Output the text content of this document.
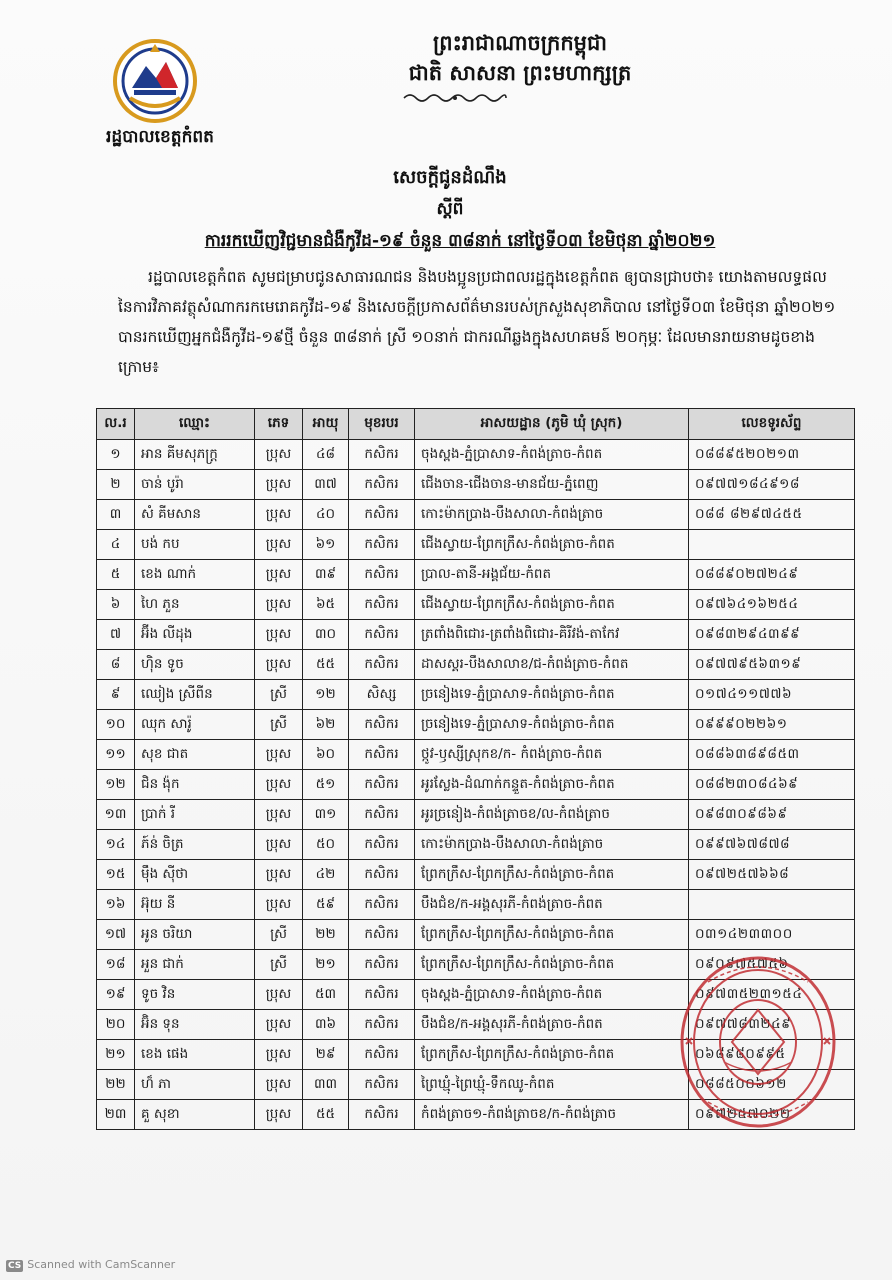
រដ្ឋបាលខេត្តកំពត
ព្រះរាជាណាចក្រកម្ពុជា
ជាតិ សាសនា ព្រះមហាក្សត្រ
សេចក្តីជូនដំណឹង
ស្តីពី
ការរកឃើញវិជ្ជមានជំងឺកូវីដ-១៩ ចំនួន ៣៨នាក់ នៅថ្ងៃទី០៣ ខែមិថុនា ឆ្នាំ២០២១
រដ្ឋបាលខេត្តកំពត សូមជម្រាបជូនសាធារណជន និងបងប្អូនប្រជាពលរដ្ឋក្នុងខេត្តកំពត ឲ្យបានជ្រាបថា៖ យោងតាមលទ្ធផល នៃការវិភាគវត្ថុសំណាករកមេរោគកូវីដ-១៩ និងសេចក្តីប្រកាសព័ត៌មានរបស់ក្រសួងសុខាភិបាល នៅថ្ងៃទី០៣ ខែមិថុនា ឆ្នាំ២០២១ បានរកឃើញអ្នកជំងឺកូវីដ-១៩ថ្មី ចំនួន ៣៨នាក់ ស្រី ១០នាក់ ជាករណីឆ្លងក្នុងសហគមន៍ ២០កុម្ភៈ ដែលមានរាយនាមដូចខាងក្រោម៖
ល.រ	ឈ្មោះ	ភេទ	អាយុ	មុខរបរ	អាសយដ្ឋាន (ភូមិ ឃុំ ស្រុក)	លេខទូរស័ព្ទ
១	អាន គីមសុភក្ត្រ	ប្រុស	៤៨	កសិករ	ចុងស្ពង-ភ្នំប្រាសាទ-កំពង់ត្រាច-កំពត	០៨៨៩៥២០២១៣
២	ចាន់ បូរ៉ា	ប្រុស	៣៧	កសិករ	ជើងចាន-ជើងចាន-មានជ័យ-ភ្នំពេញ	០៩៧៧១៨៤៩១៨
៣	សំ គីមសាន	ប្រុស	៤០	កសិករ	កោះម៉ាកប្រាង-បឹងសាលា-កំពង់ត្រាច	០៨៨ ៨២៩៧៤៥៥
៤	បង់ កប	ប្រុស	៦១	កសិករ	ជើងស្វាយ-ព្រែកក្រឹស-កំពង់ត្រាច-កំពត	
៥	ខេង ណាក់	ប្រុស	៣៩	កសិករ	ប្រាល-តានី-អង្គជ័យ-កំពត	០៨៨៩០២៧២៤៩
៦	ហៃ ភួន	ប្រុស	៦៥	កសិករ	ជើងស្វាយ-ព្រែកក្រឹស-កំពង់ត្រាច-កំពត	០៩៧៦៤១៦២៥៤
៧	អ៊ីង លីដុង	ប្រុស	៣០	កសិករ	ត្រពាំងពិជោរ-ត្រពាំងពិជោរ-គិរីវង់-តាកែវ	០៩៨៣២៩៤៣៩៩
៨	ហ៊ិន ទូច	ប្រុស	៥៥	កសិករ	ដាសស្គរ-បឹងសាលាខ/ជ-កំពង់ត្រាច-កំពត	០៩៧៧៩៥៦៣១៩
៩	ឈៀង ស្រីពីន	ស្រី	១២	សិស្ស	ច្រនៀងទេ-ភ្នំប្រាសាទ-កំពង់ត្រាច-កំពត	០១៧៤១១៧៧៦
១០	ឈុក សារ៉ូ	ស្រី	៦២	កសិករ	ច្រនៀងទេ-ភ្នំប្រាសាទ-កំពង់ត្រាច-កំពត	០៩៩៩០២២៦១
១១	សុខ ជាត	ប្រុស	៦០	កសិករ	ថ្កូវ-ឫស្សីស្រុកខ/ក- កំពង់ត្រាច-កំពត	០៨៨៦៣៨៩៨៥៣
១២	ជិន ង៉ុក	ប្រុស	៥១	កសិករ	អូរស្លែង-ដំណាក់កន្ទួត-កំពង់ត្រាច-កំពត	០៨៨២៣០៨៤៦៩
១៣	ប្រាក់ រី	ប្រុស	៣១	កសិករ	អូរច្រនៀង-កំពង់ត្រាចខ/ល-កំពង់ត្រាច	០៩៨៣០៩៨៦៩
១៤	ភ៍ន់ ចិត្រ	ប្រុស	៥០	កសិករ	កោះម៉ាកប្រាង-បឹងសាលា-កំពង់ត្រាច	០៩៩៧៦៧៨៧៨
១៥	ម៉ឹង ស៊ីថា	ប្រុស	៤២	កសិករ	ព្រែកក្រឹស-ព្រែកក្រឹស-កំពង់ត្រាច-កំពត	០៩៧២៥៧៦៦៨
១៦	អ៊ុយ នី	ប្រុស	៥៩	កសិករ	បឹងជំខ/ក-អង្គសុរភី-កំពង់ត្រាច-កំពត	
១៧	អូន ចរិយា	ស្រី	២២	កសិករ	ព្រែកក្រឹស-ព្រែកក្រឹស-កំពង់ត្រាច-កំពត	០៣១៤២៣៣០០
១៨	អួន ជាក់	ស្រី	២១	កសិករ	ព្រែកក្រឹស-ព្រែកក្រឹស-កំពង់ត្រាច-កំពត	០៩០៩៧៥៧៥៦
១៩	ទូច វិន	ប្រុស	៥៣	កសិករ	ចុងស្ពង-ភ្នំប្រាសាទ-កំពង់ត្រាច-កំពត	០៩៧៣៥២៣១៥៤
២០	អ៊ិន ទុន	ប្រុស	៣៦	កសិករ	បឹងជំខ/ក-អង្គសុរភី-កំពង់ត្រាច-កំពត	០៩៧៧៨៣២៤៩
២១	ខេង ផេង	ប្រុស	២៩	កសិករ	ព្រែកក្រឹស-ព្រែកក្រឹស-កំពង់ត្រាច-កំពត	០៦៨៩៨០៩៩៥
២២	ហ៏ ភា	ប្រុស	៣៣	កសិករ	ព្រៃឃ្មុំ-ព្រៃឃ្មុំ-ទឹកឈូ-កំពត	០៨៨៥០០៦១២
២៣	គួ សុខា	ប្រុស	៥៥	កសិករ	កំពង់ត្រាច១-កំពង់ត្រាចខ/ក-កំពង់ត្រាច	០៩៧២៥៧០២២
CS Scanned with CamScanner
